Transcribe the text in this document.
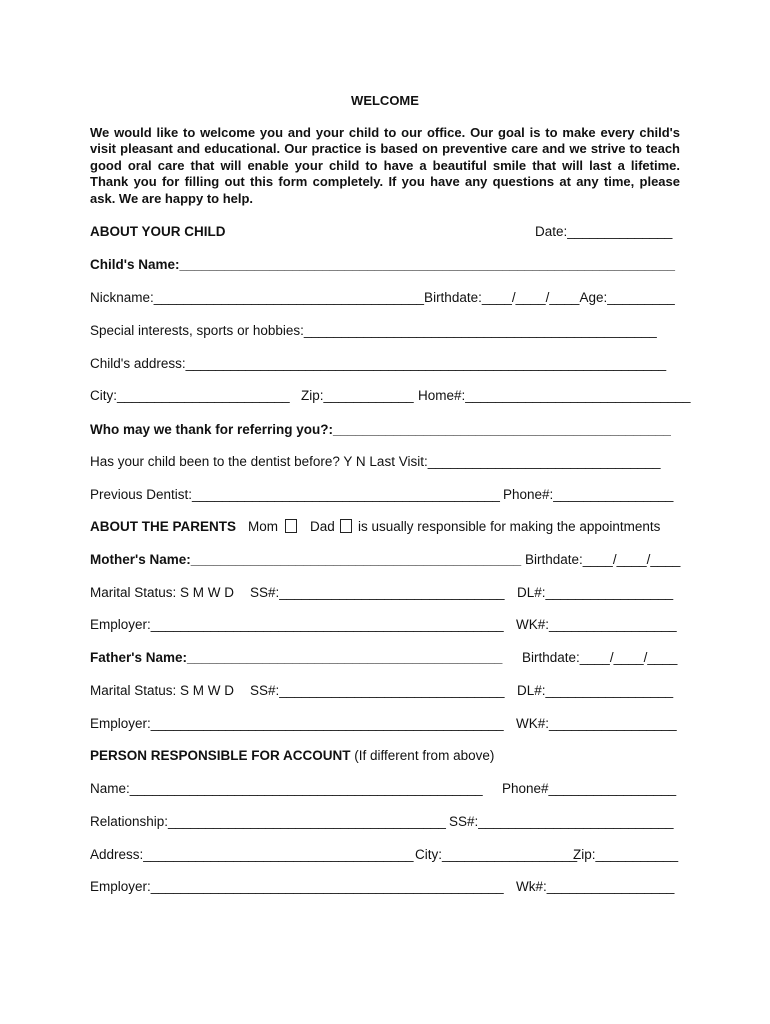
WELCOME

We would like to welcome you and your child to our office. Our goal is to make every child's visit pleasant and educational. Our practice is based on preventive care and we strive to teach good oral care that will enable your child to have a beautiful smile that will last a lifetime. Thank you for filling out this form completely. If you have any questions at any time, please ask. We are happy to help.

ABOUT YOUR CHILD	Date:______________
Child's Name:__________________________________________________________________
Nickname:____________________________________Birthdate:____/____/____Age:_________
Special interests, sports or hobbies:_______________________________________________
Child's address:________________________________________________________________
City:_______________________ Zip:____________ Home#:______________________________
Who may we thank for referring you?:_____________________________________________
Has your child been to the dentist before? Y N Last Visit:_______________________________
Previous Dentist:_________________________________________ Phone#:________________
ABOUT THE PARENTS Mom Dad is usually responsible for making the appointments
Mother's Name:____________________________________________ Birthdate:____/____/____
Marital Status: S M W D SS#:______________________________ DL#:_________________
Employer:_______________________________________________ WK#:_________________
Father's Name:__________________________________________ Birthdate:____/____/____
Marital Status: S M W D SS#:______________________________ DL#:_________________
Employer:_______________________________________________ WK#:_________________
PERSON RESPONSIBLE FOR ACCOUNT (If different from above)
Name:_______________________________________________ Phone#_________________
Relationship:_____________________________________ SS#:__________________________
Address:____________________________________ City:__________________
Zip:___________
Employer:_______________________________________________ Wk#:_________________
